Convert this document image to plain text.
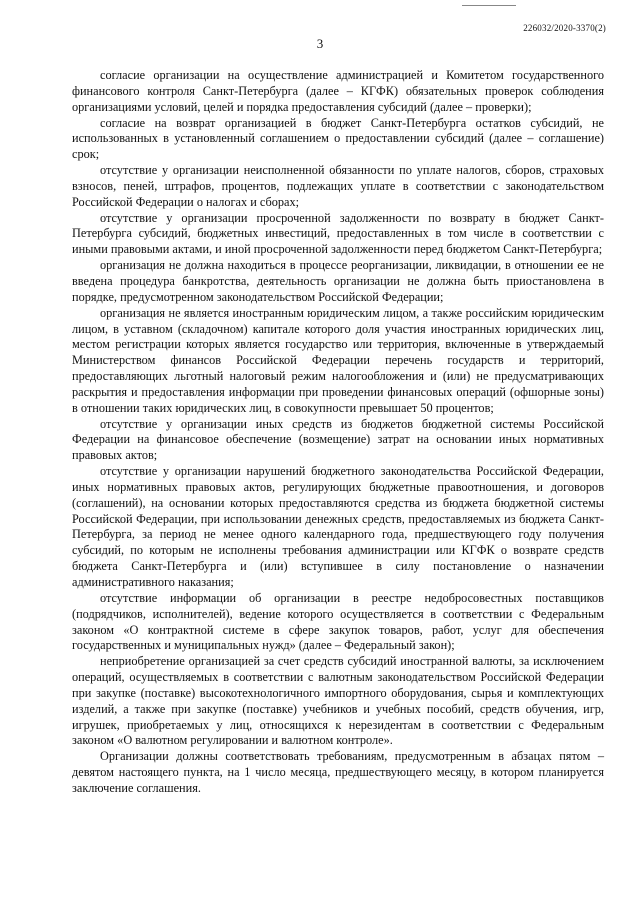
226032/2020-3370(2)
3

согласие организации на осуществление администрацией и Комитетом государственного финансового контроля Санкт-Петербурга (далее – КГФК) обязательных проверок соблюдения организациями условий, целей и порядка предоставления субсидий (далее – проверки);

согласие на возврат организацией в бюджет Санкт-Петербурга остатков субсидий, не использованных в установленный соглашением о предоставлении субсидий (далее – соглашение) срок;

отсутствие у организации неисполненной обязанности по уплате налогов, сборов, страховых взносов, пеней, штрафов, процентов, подлежащих уплате в соответствии с законодательством Российской Федерации о налогах и сборах;

отсутствие у организации просроченной задолженности по возврату в бюджет Санкт-Петербурга субсидий, бюджетных инвестиций, предоставленных в том числе в соответствии с иными правовыми актами, и иной просроченной задолженности перед бюджетом Санкт-Петербурга;

организация не должна находиться в процессе реорганизации, ликвидации, в отношении ее не введена процедура банкротства, деятельность организации не должна быть приостановлена в порядке, предусмотренном законодательством Российской Федерации;

организация не является иностранным юридическим лицом, а также российским юридическим лицом, в уставном (складочном) капитале которого доля участия иностранных юридических лиц, местом регистрации которых является государство или территория, включенные в утверждаемый Министерством финансов Российской Федерации перечень государств и территорий, предоставляющих льготный налоговый режим налогообложения и (или) не предусматривающих раскрытия и предоставления информации при проведении финансовых операций (офшорные зоны) в отношении таких юридических лиц, в совокупности превышает 50 процентов;

отсутствие у организации иных средств из бюджетов бюджетной системы Российской Федерации на финансовое обеспечение (возмещение) затрат на основании иных нормативных правовых актов;

отсутствие у организации нарушений бюджетного законодательства Российской Федерации, иных нормативных правовых актов, регулирующих бюджетные правоотношения, и договоров (соглашений), на основании которых предоставляются средства из бюджета бюджетной системы Российской Федерации, при использовании денежных средств, предоставляемых из бюджета Санкт-Петербурга, за период не менее одного календарного года, предшествующего году получения субсидий, по которым не исполнены требования администрации или КГФК о возврате средств бюджета Санкт-Петербурга и (или) вступившее в силу постановление о назначении административного наказания;

отсутствие информации об организации в реестре недобросовестных поставщиков (подрядчиков, исполнителей), ведение которого осуществляется в соответствии с Федеральным законом «О контрактной системе в сфере закупок товаров, работ, услуг для обеспечения государственных и муниципальных нужд» (далее – Федеральный закон);

неприобретение организацией за счет средств субсидий иностранной валюты, за исключением операций, осуществляемых в соответствии с валютным законодательством Российской Федерации при закупке (поставке) высокотехнологичного импортного оборудования, сырья и комплектующих изделий, а также при закупке (поставке) учебников и учебных пособий, средств обучения, игр, игрушек, приобретаемых у лиц, относящихся к нерезидентам в соответствии с Федеральным законом «О валютном регулировании и валютном контроле».

Организации должны соответствовать требованиям, предусмотренным в абзацах пятом – девятом настоящего пункта, на 1 число месяца, предшествующего месяцу, в котором планируется заключение соглашения.
